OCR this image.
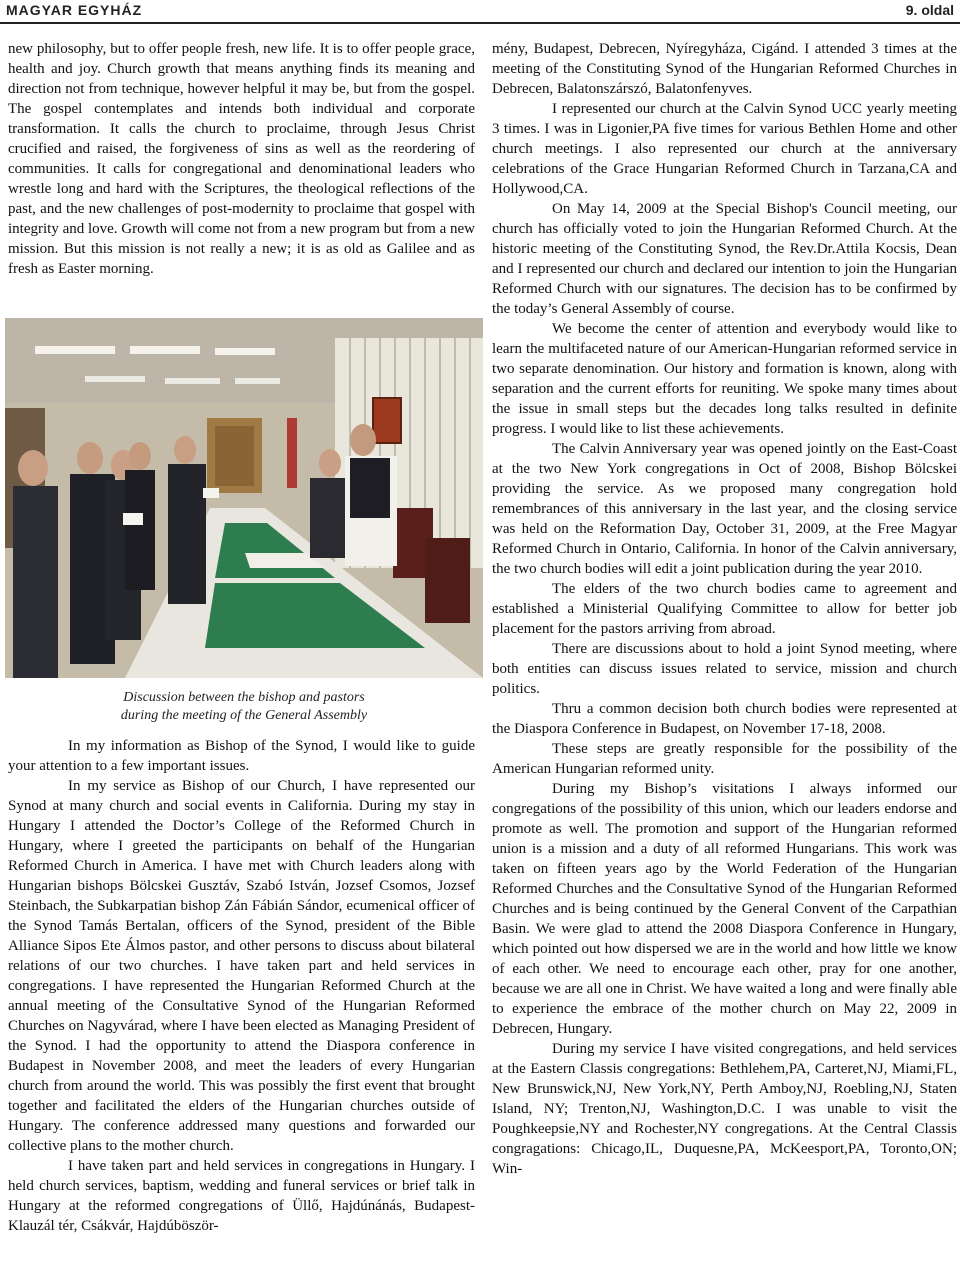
MAGYAR EGYHÁZ	9. oldal

new philosophy, but to offer people fresh, new life. It is to offer people grace, health and joy. Church growth that means anything finds its meaning and direction not from technique, however helpful it may be, but from the gospel. The gospel contemplates and intends both individual and corporate transformation. It calls the church to proclaime, through Jesus Christ crucified and raised, the forgiveness of sins as well as the reordering of communities. It calls for congregational and denominational leaders who wrestle long and hard with the Scriptures, the theological reflections of the past, and the new challenges of post-modernity to proclaime that gospel with integrity and love. Growth will come not from a new program but from a new mission. But this mission is not really a new; it is as old as Galilee and as fresh as Easter morning.

Discussion between the bishop and pastors
during the meeting of the General Assembly

In my information as Bishop of the Synod, I would like to guide your attention to a few important issues.

In my service as Bishop of our Church, I have represented our Synod at many church and social events in California. During my stay in Hungary I attended the Doctor’s College of the Reformed Church in Hungary, where I greeted the participants on behalf of the Hungarian Reformed Church in America. I have met with Church leaders along with Hungarian bishops Bölcskei Gusztáv, Szabó István, Jozsef Csomos, Jozsef Steinbach, the Subkarpatian bishop Zán Fábián Sándor, ecumenical officer of the Synod Tamás Bertalan, officers of the Synod, president of the Bible Alliance Sipos Ete Álmos pastor, and other persons to discuss about bilateral relations of our two churches. I have taken part and held services in congregations. I have represented the Hungarian Reformed Church at the annual meeting of the Consultative Synod of the Hungarian Reformed Churches on Nagyvárad, where I have been elected as Managing President of the Synod. I had the opportunity to attend the Diaspora conference in Budapest in November 2008, and meet the leaders of every Hungarian church from around the world. This was possibly the first event that brought together and facilitated the elders of the Hungarian churches outside of Hungary. The conference addressed many questions and forwarded our collective plans to the mother church.

I have taken part and held services in congregations in Hungary. I held church services, baptism, wedding and funeral services or brief talk in Hungary at the reformed congregations of Üllő, Hajdúnánás, Budapest-Klauzál tér, Csákvár, Hajdúböször-

mény, Budapest, Debrecen, Nyíregyháza, Cigánd. I attended 3 times at the meeting of the Constituting Synod of the Hungarian Reformed Churches in Debrecen, Balatonszárszó, Balatonfenyves.

I represented our church at the Calvin Synod UCC yearly meeting 3 times. I was in Ligonier,PA five times for various Bethlen Home and other church meetings. I also represented our church at the anniversary celebrations of the Grace Hungarian Reformed Church in Tarzana,CA and Hollywood,CA.

On May 14, 2009 at the Special Bishop's Council meeting, our church has officially voted to join the Hungarian Reformed Church. At the historic meeting of the Constituting Synod, the Rev.Dr.Attila Kocsis, Dean and I represented our church and declared our intention to join the Hungarian Reformed Church with our signatures. The decision has to be confirmed by the today’s General Assembly of course.

We become the center of attention and everybody would like to learn the multifaceted nature of our American-Hungarian reformed service in two separate denomination. Our history and formation is known, along with separation and the current efforts for reuniting. We spoke many times about the issue in small steps but the decades long talks resulted in definite progress. I would like to list these achievements.

The Calvin Anniversary year was opened jointly on the East-Coast at the two New York congregations in Oct of 2008, Bishop Bölcskei providing the service. As we proposed many congregation hold remembrances of this anniversary in the last year, and the closing service was held on the Reformation Day, October 31, 2009, at the Free Magyar Reformed Church in Ontario, California. In honor of the Calvin anniversary, the two church bodies will edit a joint publication during the year 2010.

The elders of the two church bodies came to agreement and established a Ministerial Qualifying Committee to allow for better job placement for the pastors arriving from abroad.

There are discussions about to hold a joint Synod meeting, where both entities can discuss issues related to service, mission and church politics.

Thru a common decision both church bodies were represented at the Diaspora Conference in Budapest, on November 17-18, 2008.

These steps are greatly responsible for the possibility of the American Hungarian reformed unity.

During my Bishop’s visitations I always informed our congregations of the possibility of this union, which our leaders endorse and promote as well. The promotion and support of the Hungarian reformed union is a mission and a duty of all reformed Hungarians. This work was taken on fifteen years ago by the World Federation of the Hungarian Reformed Churches and the Consultative Synod of the Hungarian Reformed Churches and is being continued by the General Convent of the Carpathian Basin. We were glad to attend the 2008 Diaspora Conference in Hungary, which pointed out how dispersed we are in the world and how little we know of each other. We need to encourage each other, pray for one another, because we are all one in Christ. We have waited a long and were finally able to experience the embrace of the mother church on May 22, 2009 in Debrecen, Hungary.

During my service I have visited congregations, and held services at the Eastern Classis congregations: Bethlehem,PA, Carteret,NJ, Miami,FL, New Brunswick,NJ, New York,NY, Perth Amboy,NJ, Roebling,NJ, Staten Island, NY; Trenton,NJ, Washington,D.C. I was unable to visit the Poughkeepsie,NY and Rochester,NY congregations. At the Central Classis congragations: Chicago,IL, Duquesne,PA, McKeesport,PA, Toronto,ON; Win-
